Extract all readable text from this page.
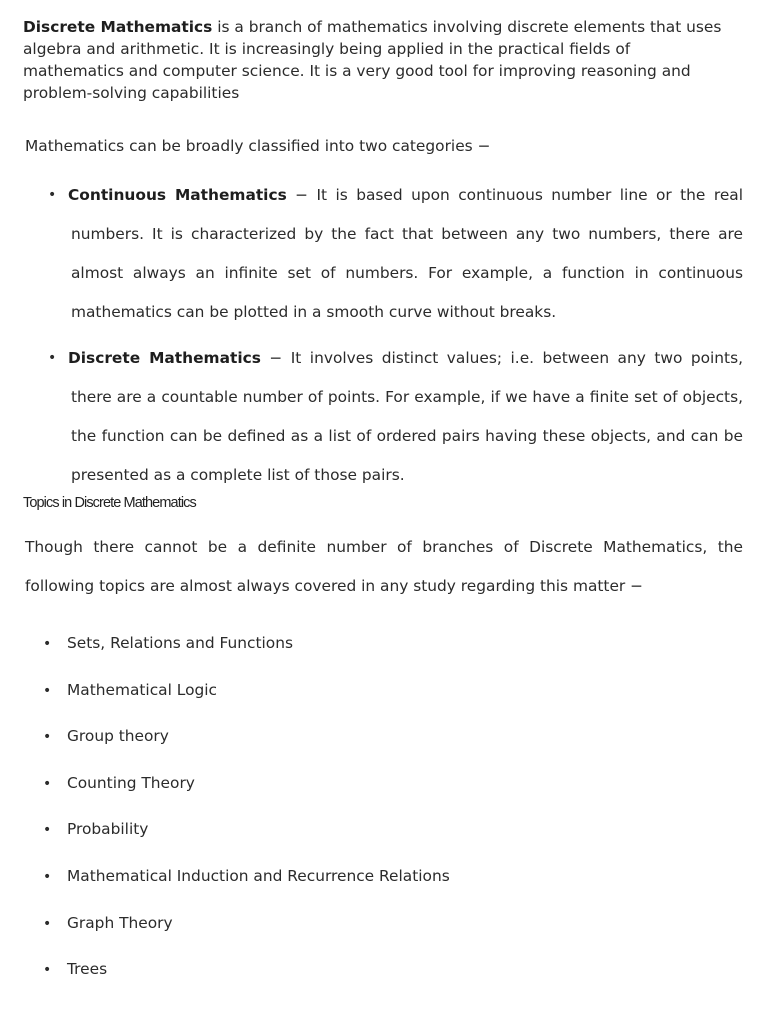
Discrete Mathematics is a branch of mathematics involving discrete elements that uses algebra and arithmetic. It is increasingly being applied in the practical fields of mathematics and computer science. It is a very good tool for improving reasoning and problem-solving capabilities

Mathematics can be broadly classified into two categories −

• Continuous Mathematics − It is based upon continuous number line or the real numbers. It is characterized by the fact that between any two numbers, there are almost always an infinite set of numbers. For example, a function in continuous mathematics can be plotted in a smooth curve without breaks.
• Discrete Mathematics − It involves distinct values; i.e. between any two points, there are a countable number of points. For example, if we have a finite set of objects, the function can be defined as a list of ordered pairs having these objects, and can be presented as a complete list of those pairs.
Topics in Discrete Mathematics

Though there cannot be a definite number of branches of Discrete Mathematics, the following topics are almost always covered in any study regarding this matter −

• Sets, Relations and Functions
• Mathematical Logic
• Group theory
• Counting Theory
• Probability
• Mathematical Induction and Recurrence Relations
• Graph Theory
• Trees
